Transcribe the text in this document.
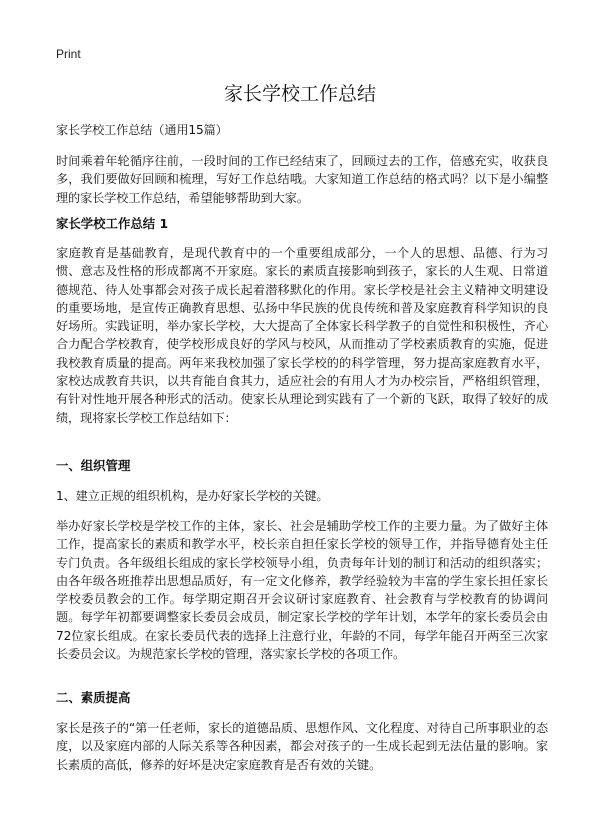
Print
家长学校工作总结

家长学校工作总结（通用15篇）

时间乘着年轮循序往前，一段时间的工作已经结束了，回顾过去的工作，倍感充实，收获良多，我们要做好回顾和梳理，写好工作总结哦。大家知道工作总结的格式吗？以下是小编整理的家长学校工作总结，希望能够帮助到大家。

家长学校工作总结 1

家庭教育是基础教育，是现代教育中的一个重要组成部分，一个人的思想、品德、行为习惯、意志及性格的形成都离不开家庭。家长的素质直接影响到孩子，家长的人生观、日常道德规范、待人处事都会对孩子成长起着潜移默化的作用。家长学校是社会主义精神文明建设的重要场地，是宣传正确教育思想、弘扬中华民族的优良传统和普及家庭教育科学知识的良好场所。实践证明，举办家长学校，大大提高了全体家长科学教子的自觉性和积极性，齐心合力配合学校教育，使学校形成良好的学风与校风，从而推动了学校素质教育的实施，促进我校教育质量的提高。两年来我校加强了家长学校的的科学管理，努力提高家庭教育水平，家校达成教育共识，以共育能自食其力，适应社会的有用人才为办校宗旨，严格组织管理，有针对性地开展各种形式的活动。使家长从理论到实践有了一个新的飞跃，取得了较好的成绩，现将家长学校工作总结如下：

一、组织管理

1、建立正规的组织机构，是办好家长学校的关键。

举办好家长学校是学校工作的主体，家长、社会是辅助学校工作的主要力量。为了做好主体工作，提高家长的素质和教学水平，校长亲自担任家长学校的领导工作，并指导德育处主任专门负责。各年级组长组成的家长学校领导小组，负责每年计划的制订和活动的组织落实；由各年级各班推荐出思想品质好，有一定文化修养，教学经验较为丰富的学生家长担任家长学校委员教会的工作。每学期定期召开会议研讨家庭教育、社会教育与学校教育的协调问题。每学年初都要调整家长委员会成员，制定家长学校的学年计划，本学年的家长委员会由72位家长组成。在家长委员代表的选择上注意行业，年龄的不同，每学年能召开两至三次家长委员会议。为规范家长学校的管理，落实家长学校的各项工作。

二、素质提高

家长是孩子的“第一任老师，家长的道德品质、思想作风、文化程度、对待自己所事职业的态度，以及家庭内部的人际关系等各种因素，都会对孩子的一生成长起到无法估量的影响。家长素质的高低，修养的好坏是决定家庭教育是否有效的关键。
